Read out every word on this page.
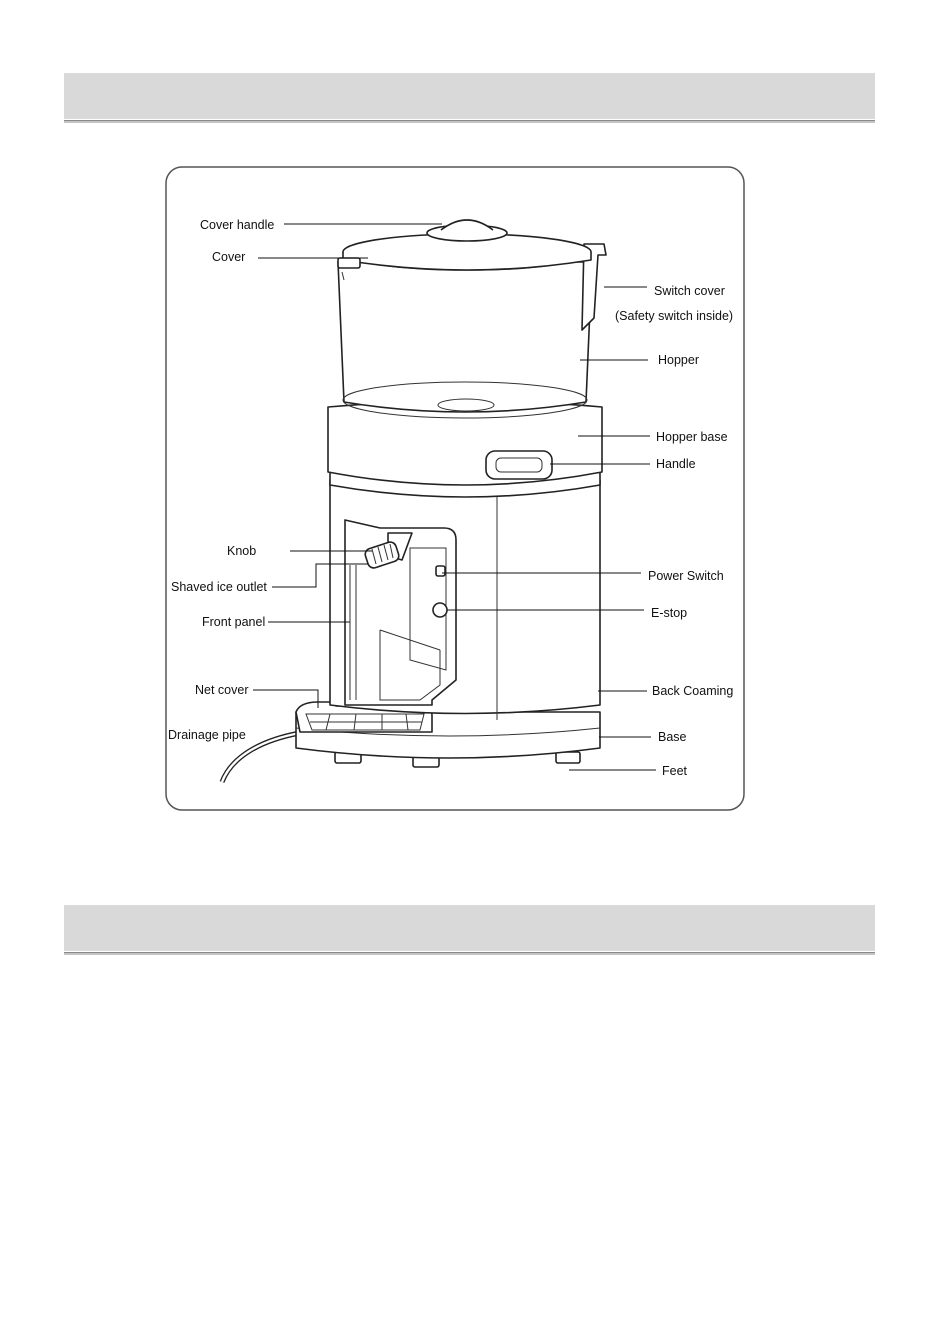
Cover handle
Cover
Switch cover
(Safety switch inside)
Hopper
Hopper base
Handle
Knob
Shaved ice outlet
Front panel
Power Switch
E-stop
Net cover	Back Coaming
Drainage pipe	Base
Feet
